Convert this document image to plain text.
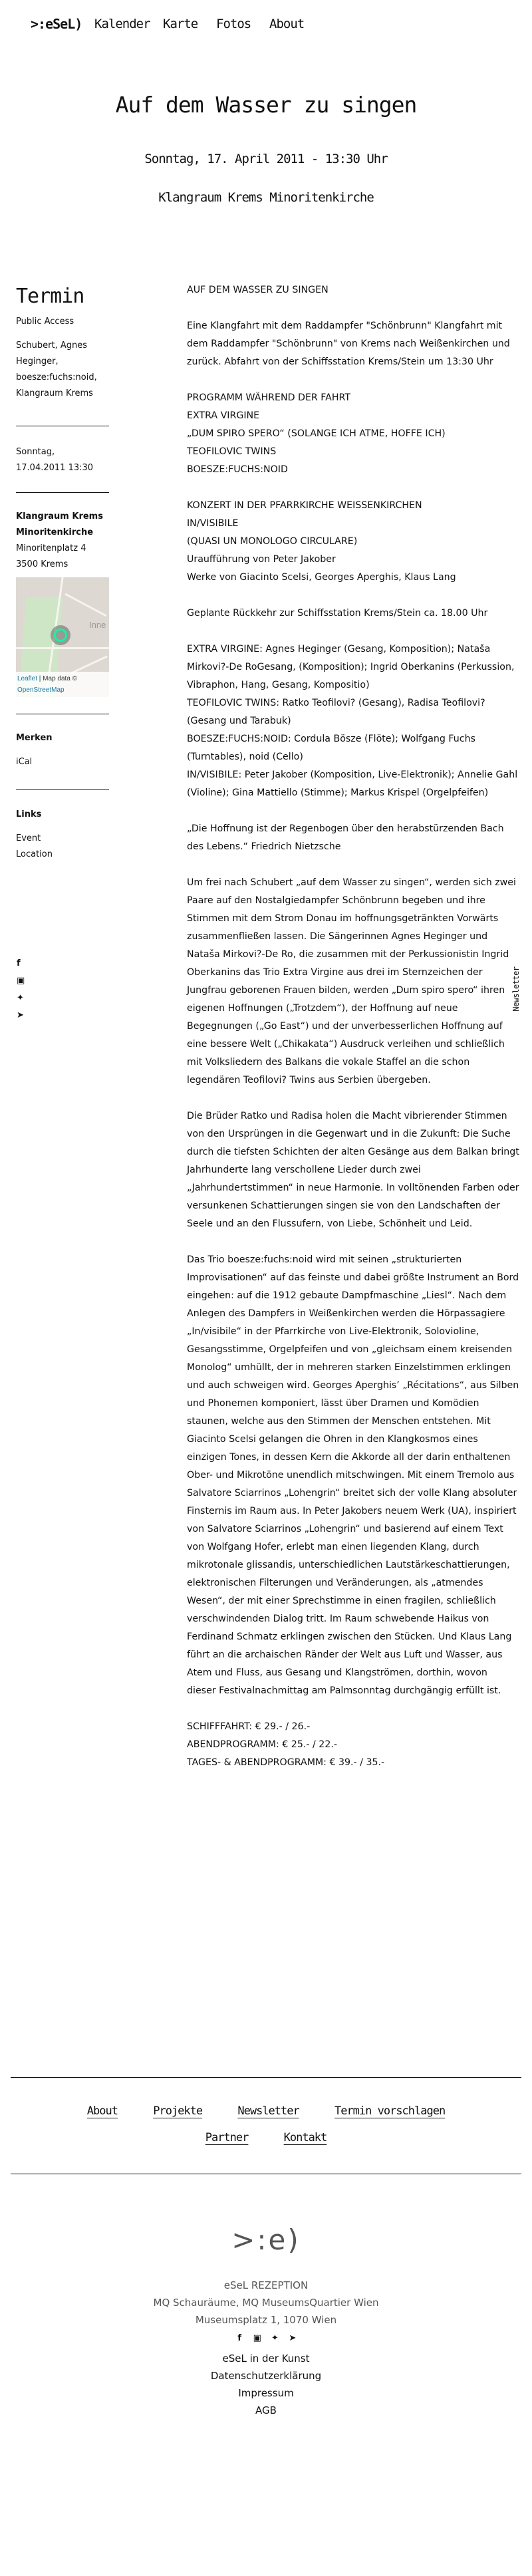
>:eSeL) Kalender Karte Fotos About
Auf dem Wasser zu singen
Sonntag, 17. April 2011 - 13:30 Uhr
Klangraum Krems Minoritenkirche
Termin

Public Access

Schubert, Agnes Heginger, boesze:fuchs:noid, Klangraum Krems

Sonntag,

17.04.2011 13:30

Klangraum Krems Minoritenkirche

Minoritenplatz 4

3500 Krems

Inne
Leaflet | Map data ©
OpenStreetMap

Merken

iCal

Links

Event
Location
f
▣
✦
➤

AUF DEM WASSER ZU SINGEN

Eine Klangfahrt mit dem Raddampfer "Schönbrunn" Klangfahrt mit dem Raddampfer "Schönbrunn" von Krems nach Weißenkirchen und zurück. Abfahrt von der Schiffsstation Krems/Stein um 13:30 Uhr

PROGRAMM WÄHREND DER FAHRT
EXTRA VIRGINE
„DUM SPIRO SPERO“ (SOLANGE ICH ATME, HOFFE ICH)
TEOFILOVIC TWINS
BOESZE:FUCHS:NOID

KONZERT IN DER PFARRKIRCHE WEISSENKIRCHEN
IN/VISIBILE
(QUASI UN MONOLOGO CIRCULARE)
Uraufführung von Peter Jakober
Werke von Giacinto Scelsi, Georges Aperghis, Klaus Lang

Geplante Rückkehr zur Schiffsstation Krems/Stein ca. 18.00 Uhr

EXTRA VIRGINE: Agnes Heginger (Gesang, Komposition); Nataša Mirkovi?-De RoGesang, (Komposition); Ingrid Oberkanins (Perkussion, Vibraphon, Hang, Gesang, Kompositio)
TEOFILOVIC TWINS: Ratko Teofilovi? (Gesang), Radisa Teofilovi? (Gesang und Tarabuk)
BOESZE:FUCHS:NOID: Cordula Bösze (Flöte); Wolfgang Fuchs (Turntables), noid (Cello)
IN/VISIBILE: Peter Jakober (Komposition, Live-Elektronik); Annelie Gahl (Violine); Gina Mattiello (Stimme); Markus Krispel (Orgelpfeifen)

„Die Hoffnung ist der Regenbogen über den herabstürzenden Bach des Lebens.“ Friedrich Nietzsche

Um frei nach Schubert „auf dem Wasser zu singen“, werden sich zwei Paare auf den Nostalgiedampfer Schönbrunn begeben und ihre Stimmen mit dem Strom Donau im hoffnungsgetränkten Vorwärts zusammenfließen lassen. Die Sängerinnen Agnes Heginger und Nataša Mirkovi?-De Ro, die zusammen mit der Perkussionistin Ingrid Oberkanins das Trio Extra Virgine aus drei im Sternzeichen der Jungfrau geborenen Frauen bilden, werden „Dum spiro spero“ ihren eigenen Hoffnungen („Trotzdem“), der Hoffnung auf neue Begegnungen („Go East“) und der unverbesserlichen Hoffnung auf eine bessere Welt („Chikakata“) Ausdruck verleihen und schließlich mit Volksliedern des Balkans die vokale Staffel an die schon legendären Teofilovi? Twins aus Serbien übergeben.

Die Brüder Ratko und Radisa holen die Macht vibrierender Stimmen von den Ursprüngen in die Gegenwart und in die Zukunft: Die Suche durch die tiefsten Schichten der alten Gesänge aus dem Balkan bringt Jahrhunderte lang verschollene Lieder durch zwei „Jahrhundertstimmen“ in neue Harmonie. In volltönenden Farben oder versunkenen Schattierungen singen sie von den Landschaften der Seele und an den Flussufern, von Liebe, Schönheit und Leid.

Das Trio boesze:fuchs:noid wird mit seinen „strukturierten Improvisationen“ auf das feinste und dabei größte Instrument an Bord eingehen: auf die 1912 gebaute Dampfmaschine „Liesl“. Nach dem Anlegen des Dampfers in Weißenkirchen werden die Hörpassagiere „In/visibile“ in der Pfarrkirche von Live-Elektronik, Solovioline, Gesangsstimme, Orgelpfeifen und von „gleichsam einem kreisenden Monolog“ umhüllt, der in mehreren starken Einzelstimmen erklingen und auch schweigen wird. Georges Aperghis’ „Récitations“, aus Silben und Phonemen komponiert, lässt über Dramen und Komödien staunen, welche aus den Stimmen der Menschen entstehen. Mit Giacinto Scelsi gelangen die Ohren in den Klangkosmos eines einzigen Tones, in dessen Kern die Akkorde all der darin enthaltenen Ober- und Mikrotöne unendlich mitschwingen. Mit einem Tremolo aus Salvatore Sciarrinos „Lohengrin“ breitet sich der volle Klang absoluter Finsternis im Raum aus. In Peter Jakobers neuem Werk (UA), inspiriert von Salvatore Sciarrinos „Lohengrin“ und basierend auf einem Text von Wolfgang Hofer, erlebt man einen liegenden Klang, durch mikrotonale glissandis, unterschiedlichen Lautstärkeschattierungen, elektronischen Filterungen und Veränderungen, als „atmendes Wesen“, der mit einer Sprechstimme in einen fragilen, schließlich verschwindenden Dialog tritt. Im Raum schwebende Haikus von Ferdinand Schmatz erklingen zwischen den Stücken. Und Klaus Lang führt an die archaischen Ränder der Welt aus Luft und Wasser, aus Atem und Fluss, aus Gesang und Klangströmen, dorthin, wovon dieser Festivalnachmittag am Palmsonntag durchgängig erfüllt ist.

SCHIFFFAHRT: € 29.- / 26.-
ABENDPROGRAMM: € 25.- / 22.-
TAGES- & ABENDPROGRAMM: € 39.- / 35.-

Newsletter
About	Projekte	Newsletter	Termin vorschlagen
Partner	Kontakt
>:e)
eSeL REZEPTION
MQ Schauräume, MQ MuseumsQuartier Wien
Museumsplatz 1, 1070 Wien
f ▣ ✦ ➤
eSeL in der Kunst
Datenschutzerklärung
Impressum
AGB
